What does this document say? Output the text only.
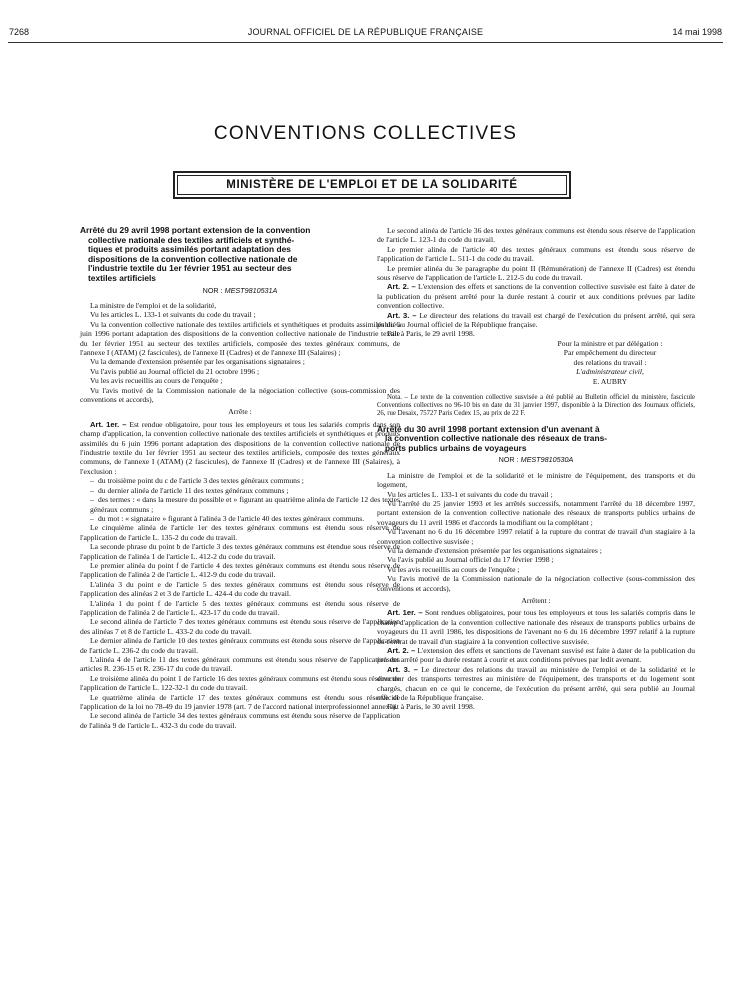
7268	JOURNAL OFFICIEL DE LA RÉPUBLIQUE FRANÇAISE	14 mai 1998
CONVENTIONS COLLECTIVES
MINISTÈRE DE L'EMPLOI ET DE LA SOLIDARITÉ
Arrêté du 29 avril 1998 portant extension de la convention
collective nationale des textiles artificiels et synthé-
tiques et produits assimilés portant adaptation des
dispositions de la convention collective nationale de
l'industrie textile du 1er février 1951 au secteur des
textiles artificiels
NOR : MEST9810531A

La ministre de l'emploi et de la solidarité,

Vu les articles L. 133-1 et suivants du code du travail ;

Vu la convention collective nationale des textiles artificiels et synthétiques et produits assimilés du 6 juin 1996 portant adaptation des dispositions de la convention collective nationale de l'industrie textile du 1er février 1951 au secteur des textiles artificiels, composée des textes généraux communs, de l'annexe I (ATAM) (2 fascicules), de l'annexe II (Cadres) et de l'annexe III (Salaires) ;

Vu la demande d'extension présentée par les organisations signataires ;

Vu l'avis publié au Journal officiel du 21 octobre 1996 ;

Vu les avis recueillis au cours de l'enquête ;

Vu l'avis motivé de la Commission nationale de la négociation collective (sous-commission des conventions et accords),

Arrête :

Art. 1er. – Est rendue obligatoire, pour tous les employeurs et tous les salariés compris dans son champ d'application, la convention collective nationale des textiles artificiels et synthétiques et produits assimilés du 6 juin 1996 portant adaptation des dispositions de la convention collective nationale de l'industrie textile du 1er février 1951 au secteur des textiles artificiels, composée des textes généraux communs, de l'annexe I (ATAM) (2 fascicules), de l'annexe II (Cadres) et de l'annexe III (Salaires), à l'exclusion :

– du troisième point du c de l'article 3 des textes généraux communs ;

– du dernier alinéa de l'article 11 des textes généraux communs ;

– des termes : « dans la mesure du possible et » figurant au quatrième alinéa de l'article 12 des textes généraux communs ;

– du mot : « signataire » figurant à l'alinéa 3 de l'article 40 des textes généraux communs.

Le cinquième alinéa de l'article 1er des textes généraux communs est étendu sous réserve de l'application de l'article L. 135-2 du code du travail.

La seconde phrase du point b de l'article 3 des textes généraux communs est étendue sous réserve de l'application de l'alinéa 1 de l'article L. 412-2 du code du travail.

Le premier alinéa du point f de l'article 4 des textes généraux communs est étendu sous réserve de l'application de l'alinéa 2 de l'article L. 412-9 du code du travail.

L'alinéa 3 du point e de l'article 5 des textes généraux communs est étendu sous réserve de l'application des alinéas 2 et 3 de l'article L. 424-4 du code du travail.

L'alinéa 1 du point f de l'article 5 des textes généraux communs est étendu sous réserve de l'application de l'alinéa 2 de l'article L. 423-17 du code du travail.

Le second alinéa de l'article 7 des textes généraux communs est étendu sous réserve de l'application des alinéas 7 et 8 de l'article L. 433-2 du code du travail.

Le dernier alinéa de l'article 10 des textes généraux communs est étendu sous réserve de l'application de l'article L. 236-2 du code du travail.

L'alinéa 4 de l'article 11 des textes généraux communs est étendu sous réserve de l'application des articles R. 236-15 et R. 236-17 du code du travail.

Le troisième alinéa du point 1 de l'article 16 des textes généraux communs est étendu sous réserve de l'application de l'article L. 122-32-1 du code du travail.

Le quatrième alinéa de l'article 17 des textes généraux communs est étendu sous réserve de l'application de la loi no 78-49 du 19 janvier 1978 (art. 7 de l'accord national interprofessionnel annexé).

Le second alinéa de l'article 34 des textes généraux communs est étendu sous réserve de l'application de l'alinéa 9 de l'article L. 432-3 du code du travail.

Le second alinéa de l'article 36 des textes généraux communs est étendu sous réserve de l'application de l'article L. 123-1 du code du travail.

Le premier alinéa de l'article 40 des textes généraux communs est étendu sous réserve de l'application de l'article L. 511-1 du code du travail.

Le premier alinéa du 3e paragraphe du point II (Rémunération) de l'annexe II (Cadres) est étendu sous réserve de l'application de l'article L. 212-5 du code du travail.

Art. 2. – L'extension des effets et sanctions de la convention collective susvisée est faite à dater de la publication du présent arrêté pour la durée restant à courir et aux conditions prévues par ladite convention collective.

Art. 3. – Le directeur des relations du travail est chargé de l'exécution du présent arrêté, qui sera publié au Journal officiel de la République française.

Fait à Paris, le 29 avril 1998.

Pour la ministre et par délégation :
Par empêchement du directeur
des relations du travail :
L'administrateur civil,
E. AUBRY

Nota. – Le texte de la convention collective susvisée a été publié au Bulletin officiel du ministère, fascicule Conventions collectives no 96-10 bis en date du 31 janvier 1997, disponible à la Direction des Journaux officiels, 26, rue Desaix, 75727 Paris Cedex 15, au prix de 22 F.

Arrêté du 30 avril 1998 portant extension d'un avenant à
la convention collective nationale des réseaux de trans-
ports publics urbains de voyageurs
NOR : MEST9810530A

La ministre de l'emploi et de la solidarité et le ministre de l'équipement, des transports et du logement,

Vu les articles L. 133-1 et suivants du code du travail ;

Vu l'arrêté du 25 janvier 1993 et les arrêtés successifs, notamment l'arrêté du 18 décembre 1997, portant extension de la convention collective nationale des réseaux de transports publics urbains de voyageurs du 11 avril 1986 et d'accords la modifiant ou la complétant ;

Vu l'avenant no 6 du 16 décembre 1997 relatif à la rupture du contrat de travail d'un stagiaire à la convention collective susvisée ;

Vu la demande d'extension présentée par les organisations signataires ;

Vu l'avis publié au Journal officiel du 17 février 1998 ;

Vu les avis recueillis au cours de l'enquête ;

Vu l'avis motivé de la Commission nationale de la négociation collective (sous-commission des conventions et accords),

Arrêtent :

Art. 1er. – Sont rendues obligatoires, pour tous les employeurs et tous les salariés compris dans le champ d'application de la convention collective nationale des réseaux de transports publics urbains de voyageurs du 11 avril 1986, les dispositions de l'avenant no 6 du 16 décembre 1997 relatif à la rupture du contrat de travail d'un stagiaire à la convention collective susvisée.

Art. 2. – L'extension des effets et sanctions de l'avenant susvisé est faite à dater de la publication du présent arrêté pour la durée restant à courir et aux conditions prévues par ledit avenant.

Art. 3. – Le directeur des relations du travail au ministère de l'emploi et de la solidarité et le directeur des transports terrestres au ministère de l'équipement, des transports et du logement sont chargés, chacun en ce qui le concerne, de l'exécution du présent arrêté, qui sera publié au Journal officiel de la République française.

Fait à Paris, le 30 avril 1998.
